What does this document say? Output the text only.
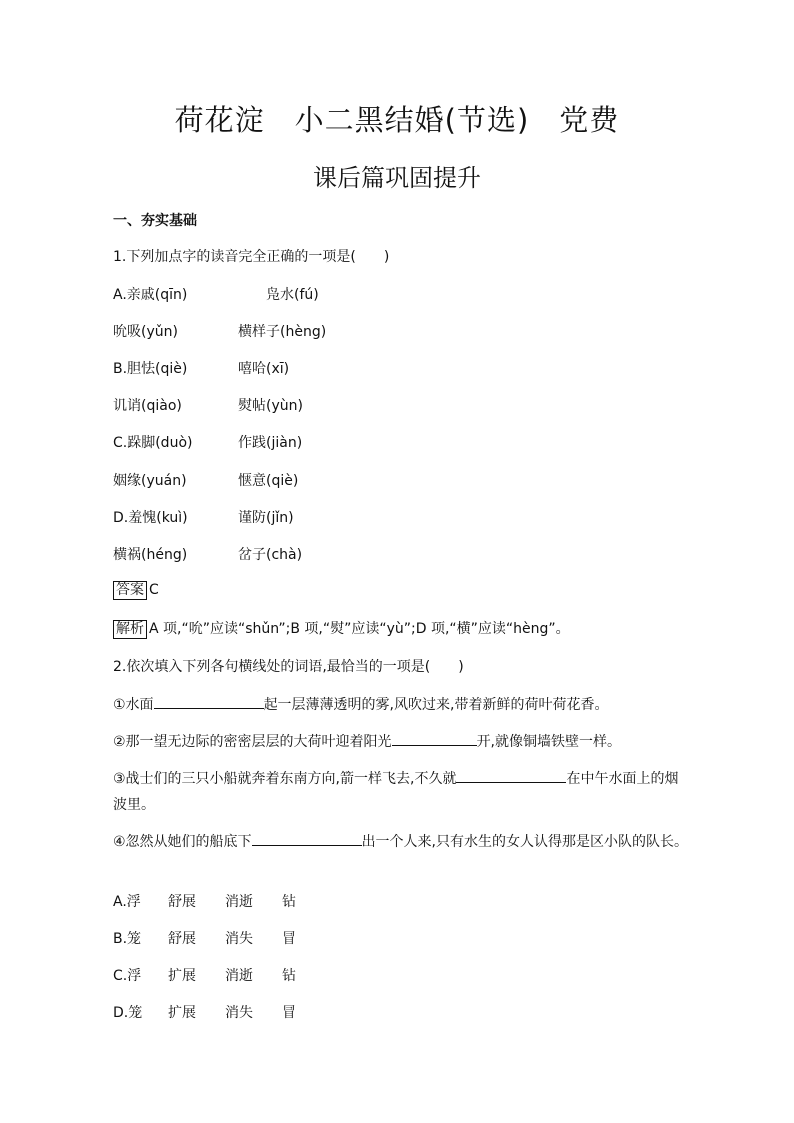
荷花淀　小二黑结婚(节选)　党费
课后篇巩固提升
一、夯实基础
1.下列加点字的读音完全正确的一项是(　　)
A.亲戚(qīn)	凫水(fú)
吮吸(yǔn)	横样子(hèng)
B.胆怯(qiè)	嘻哈(xī)
讥诮(qiào)	熨帖(yùn)
C.跺脚(duò)	作践(jiàn)
姻缘(yuán)	惬意(qiè)
D.羞愧(kuì)	谨防(jǐn)
横祸(héng)	岔子(chà)
答案 C
解析 A 项,“吮”应读“shǔn”;B 项,“熨”应读“yù”;D 项,“横”应读“hèng”。
2.依次填入下列各句横线处的词语,最恰当的一项是(　　)
①水面	起一层薄薄透明的雾,风吹过来,带着新鲜的荷叶荷花香。
②那一望无边际的密密层层的大荷叶迎着阳光	开,就像铜墙铁壁一样。
③战士们的三只小船就奔着东南方向,箭一样飞去,不久就	在中午水面上的烟
波里。
④忽然从她们的船底下	出一个人来,只有水生的女人认得那是区小队的队长。
A.浮 舒展 消逝 钻
B.笼 舒展 消失 冒
C.浮 扩展 消逝 钻
D.笼 扩展 消失 冒
